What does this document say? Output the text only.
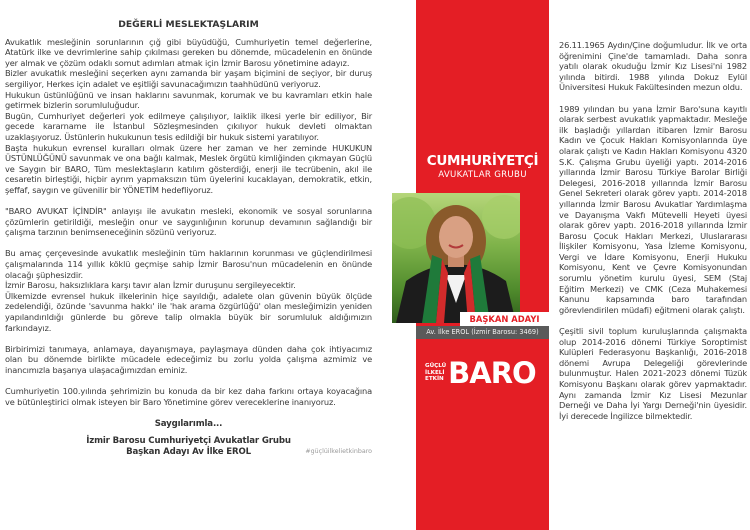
DEĞERLİ MESLEKTAŞLARIM

Avukatlık mesleğinin sorunlarının çığ gibi büyüdüğü, Cumhuriyetin temel değerlerine, Atatürk ilke ve devrimlerine sahip çıkılması gereken bu dönemde, mücadelenin en önünde yer almak ve çözüm odaklı somut adımları atmak için İzmir Barosu yönetimine adayız.

Bizler avukatlık mesleğini seçerken aynı zamanda bir yaşam biçimini de seçiyor, bir duruş sergiliyor, Herkes için adalet ve eşitliği savunacağımızın taahhüdünü veriyoruz.

Hukukun üstünlüğünü ve insan haklarını savunmak, korumak ve bu kavramları etkin hale getirmek bizlerin sorumluluğudur.

Bugün, Cumhuriyet değerleri yok edilmeye çalışılıyor, laiklik ilkesi yerle bir ediliyor, Bir gecede kararname ile İstanbul Sözleşmesinden çıkılıyor hukuk devleti olmaktan uzaklaşıyoruz. Üstünlerin hukukunun tesis edildiği bir hukuk sistemi yaratılıyor.

Başta hukukun evrensel kuralları olmak üzere her zaman ve her zeminde HUKUKUN ÜSTÜNLÜĞÜNÜ savunmak ve ona bağlı kalmak, Meslek örgütü kimliğinden çıkmayan Güçlü ve Saygın bir BARO, Tüm meslektaşların katılım gösterdiği, enerji ile tecrübenin, akıl ile cesaretin birleştiği, hiçbir ayrım yapmaksızın tüm üyelerini kucaklayan, demokratik, etkin, şeffaf, saygın ve güvenilir bir YÖNETİM hedefliyoruz.

"BARO AVUKAT İÇİNDİR" anlayışı ile avukatın mesleki, ekonomik ve sosyal sorunlarına çözümlerin getirildiği, mesleğin onur ve saygınlığının korunup devamının sağlandığı bir çalışma tarzının benimseneceğinin sözünü veriyoruz.

Bu amaç çerçevesinde avukatlık mesleğinin tüm haklarının korunması ve güçlendirilmesi çalışmalarında 114 yıllık köklü geçmişe sahip İzmir Barosu'nun mücadelenin en önünde olacağı şüphesizdir.

İzmir Barosu, haksızlıklara karşı tavır alan İzmir duruşunu sergileyecektir.

Ülkemizde evrensel hukuk ilkelerinin hiçe sayıldığı, adalete olan güvenin büyük ölçüde zedelendiği, özünde 'savunma hakkı' ile 'hak arama özgürlüğü' olan mesleğimizin yeniden yapılandırıldığı günlerde bu göreve talip olmakla büyük bir sorumluluk aldığımızın farkındayız.

Birbirimizi tanımaya, anlamaya, dayanışmaya, paylaşmaya dünden daha çok ihtiyacımız olan bu dönemde birlikte mücadele edeceğimiz bu zorlu yolda çalışma azmimiz ve inancımızla başarıya ulaşacağımızdan eminiz.

Cumhuriyetin 100.yılında şehrimizin bu konuda da bir kez daha farkını ortaya koyacağına ve bütünleştirici olmak isteyen bir Baro Yönetimine görev vereceklerine inanıyoruz.

Saygılarımla...
İzmir Barosu Cumhuriyetçi Avukatlar Grubu
Başkan Adayı Av İlke EROL	#güçlüilkelietkinbaro
CUMHURİYETÇİ
AVUKATLAR GRUBU
BAŞKAN ADAYI
Av. İlke EROL (İzmir Barosu: 3469)
GÜÇLÜ
İLKELİ
ETKİN BARO

26.11.1965 Aydın/Çine doğumludur. İlk ve orta öğrenimini Çine'de tamamladı. Daha sonra yatılı olarak okuduğu İzmir Kız Lisesi'ni 1982 yılında bitirdi. 1988 yılında Dokuz Eylül Üniversitesi Hukuk Fakültesinden mezun oldu.

1989 yılından bu yana İzmir Baro'suna kayıtlı olarak serbest avukatlık yapmaktadır. Mesleğe ilk başladığı yıllardan itibaren İzmir Barosu Kadın ve Çocuk Hakları Komisyonlarında üye olarak çalıştı ve Kadın Hakları Komisyonu 4320 S.K. Çalışma Grubu üyeliği yaptı. 2014-2016 yıllarında İzmir Barosu Türkiye Barolar Birliği Delegesi, 2016-2018 yıllarında İzmir Barosu Genel Sekreteri olarak görev yaptı. 2014-2018 yıllarında İzmir Barosu Avukatlar Yardımlaşma ve Dayanışma Vakfı Mütevelli Heyeti üyesi olarak görev yaptı. 2016-2018 yıllarında İzmir Barosu Çocuk Hakları Merkezi, Uluslararası İlişkiler Komisyonu, Yasa İzleme Komisyonu, Vergi ve İdare Komisyonu, Enerji Hukuku Komisyonu, Kent ve Çevre Komisyonundan sorumlu yönetim kurulu üyesi, SEM (Staj Eğitim Merkezi) ve CMK (Ceza Muhakemesi Kanunu kapsamında baro tarafından görevlendirilen müdafi) eğitmeni olarak çalıştı.

Çeşitli sivil toplum kuruluşlarında çalışmakta olup 2014-2016 dönemi Türkiye Soroptimist Kulüpleri Federasyonu Başkanlığı, 2016-2018 dönemi Avrupa Delegeliği görevlerinde bulunmuştur. Halen 2021-2023 dönemi Tüzük Komisyonu Başkanı olarak görev yapmaktadır. Aynı zamanda İzmir Kız Lisesi Mezunlar Derneği ve Daha İyi Yargı Derneği'nin üyesidir. İyi derecede İngilizce bilmektedir.
